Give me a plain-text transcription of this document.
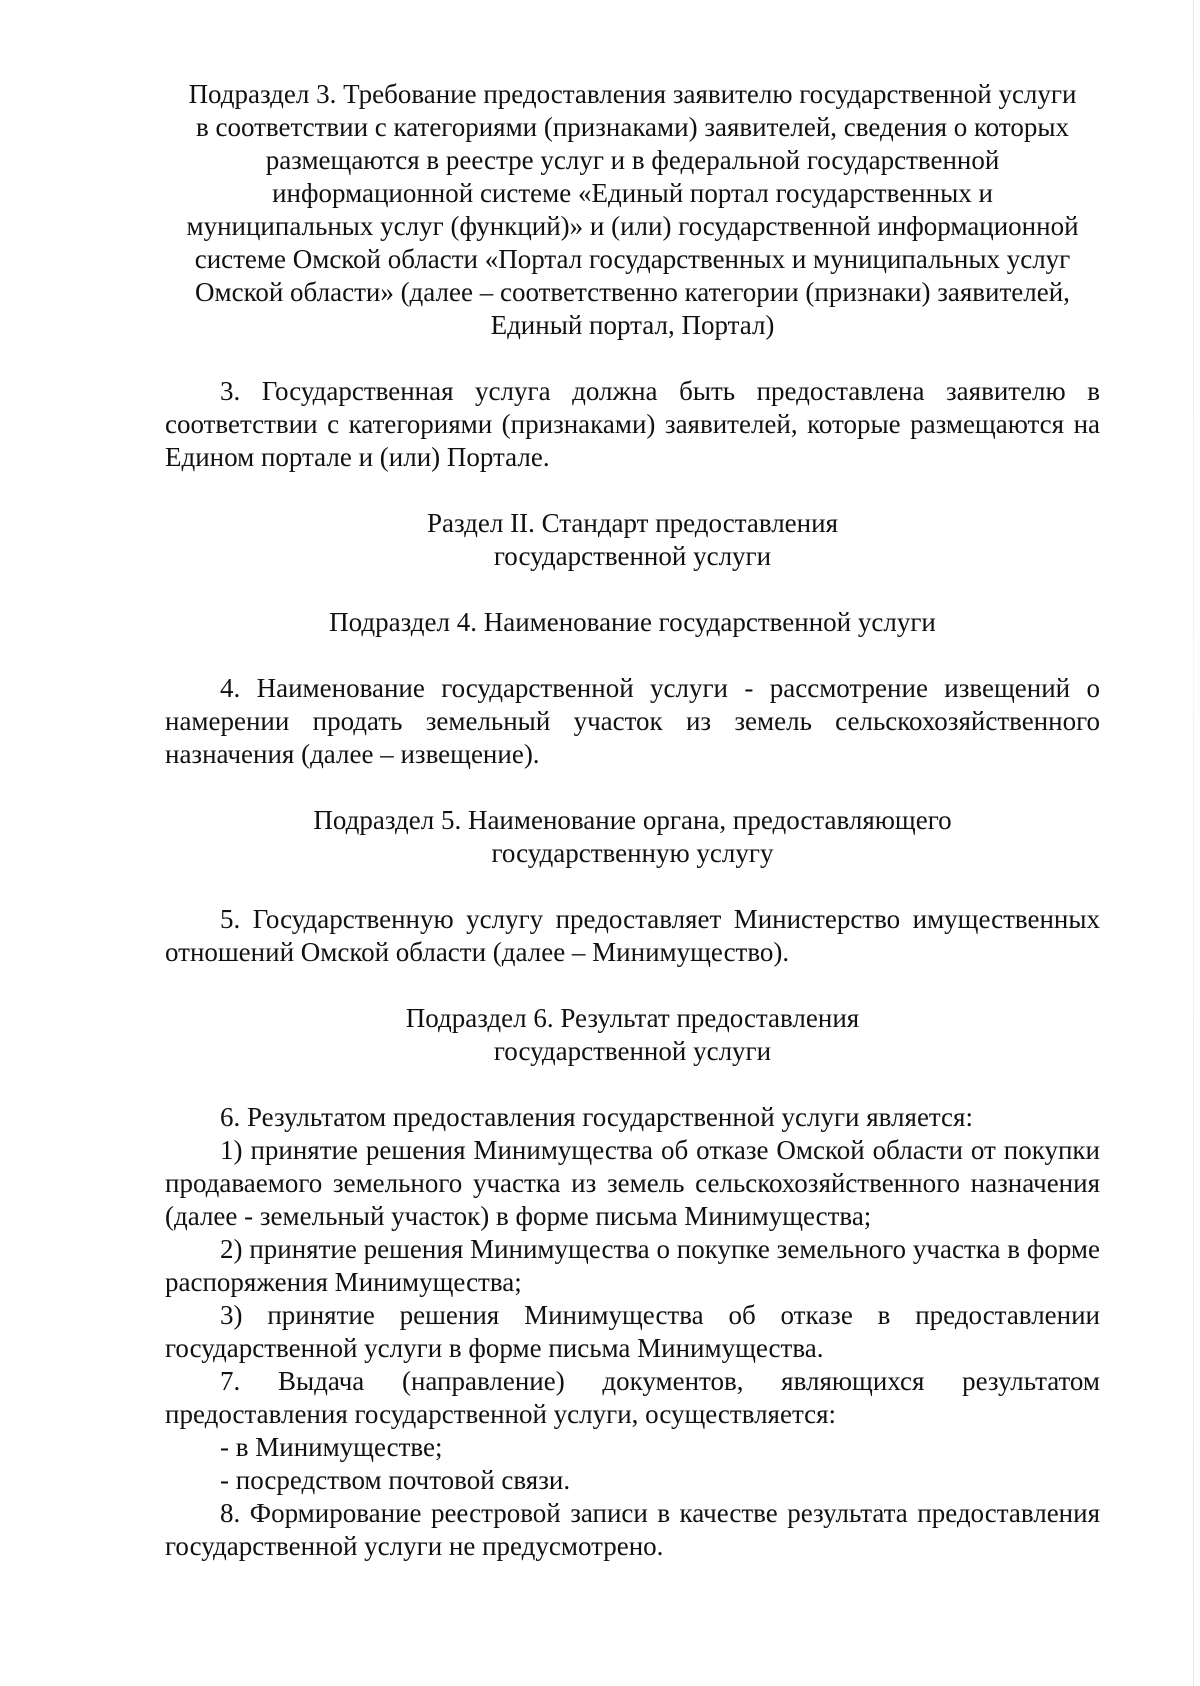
Подраздел 3. Требование предоставления заявителю государственной услуги
в соответствии с категориями (признаками) заявителей, сведения о которых
размещаются в реестре услуг и в федеральной государственной
информационной системе «Единый портал государственных и
муниципальных услуг (функций)» и (или) государственной информационной
системе Омской области «Портал государственных и муниципальных услуг
Омской области» (далее – соответственно категории (признаки) заявителей,
Единый портал, Портал)

3. Государственная услуга должна быть предоставлена заявителю в соответствии с категориями (признаками) заявителей, которые размещаются на Едином портале и (или) Портале.

Раздел II. Стандарт предоставления
государственной услуги
Подраздел 4. Наименование государственной услуги

4. Наименование государственной услуги - рассмотрение извещений о намерении продать земельный участок из земель сельскохозяйственного назначения (далее – извещение).

Подраздел 5. Наименование органа, предоставляющего
государственную услугу

5. Государственную услугу предоставляет Министерство имущественных отношений Омской области (далее – Минимущество).

Подраздел 6. Результат предоставления
государственной услуги

6. Результатом предоставления государственной услуги является:

1) принятие решения Минимущества об отказе Омской области от покупки продаваемого земельного участка из земель сельскохозяйственного назначения (далее - земельный участок) в форме письма Минимущества;

2) принятие решения Минимущества о покупке земельного участка в форме распоряжения Минимущества;

3) принятие решения Минимущества об отказе в предоставлении государственной услуги в форме письма Минимущества.

7. Выдача (направление) документов, являющихся результатом предоставления государственной услуги, осуществляется:

- в Минимуществе;

- посредством почтовой связи.

8. Формирование реестровой записи в качестве результата предоставления государственной услуги не предусмотрено.
